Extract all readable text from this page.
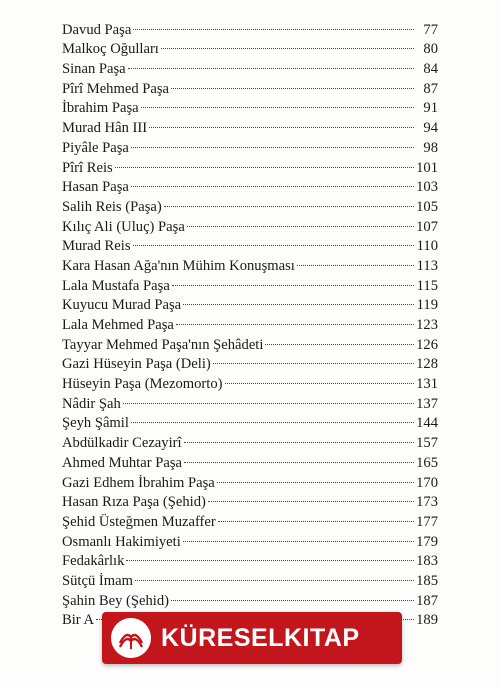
Davud Paşa	77
Malkoç Oğulları	80
Sinan Paşa	84
Pîrî Mehmed Paşa	87
İbrahim Paşa	91
Murad Hân III	94
Piyâle Paşa	98
Pîrî Reis	101
Hasan Paşa	103
Salih Reis (Paşa)	105
Kılıç Ali (Uluç) Paşa	107
Murad Reis	110
Kara Hasan Ağa'nın Mühim Konuşması	113
Lala Mustafa Paşa	115
Kuyucu Murad Paşa	119
Lala Mehmed Paşa	123
Tayyar Mehmed Paşa'nın Şehâdeti	126
Gazi Hüseyin Paşa (Deli)	128
Hüseyin Paşa (Mezomorto)	131
Nâdir Şah	137
Şeyh Şâmil	144
Abdülkadir Cezayirî	157
Ahmed Muhtar Paşa	165
Gazi Edhem İbrahim Paşa	170
Hasan Rıza Paşa (Şehid)	173
Şehid Üsteğmen Muzaffer	177
Osmanlı Hakimiyeti	179
Fedakârlık	183
Sütçü İmam	185
Şahin Bey (Şehid)	187
Bir A	189
KÜRESELKITAP
